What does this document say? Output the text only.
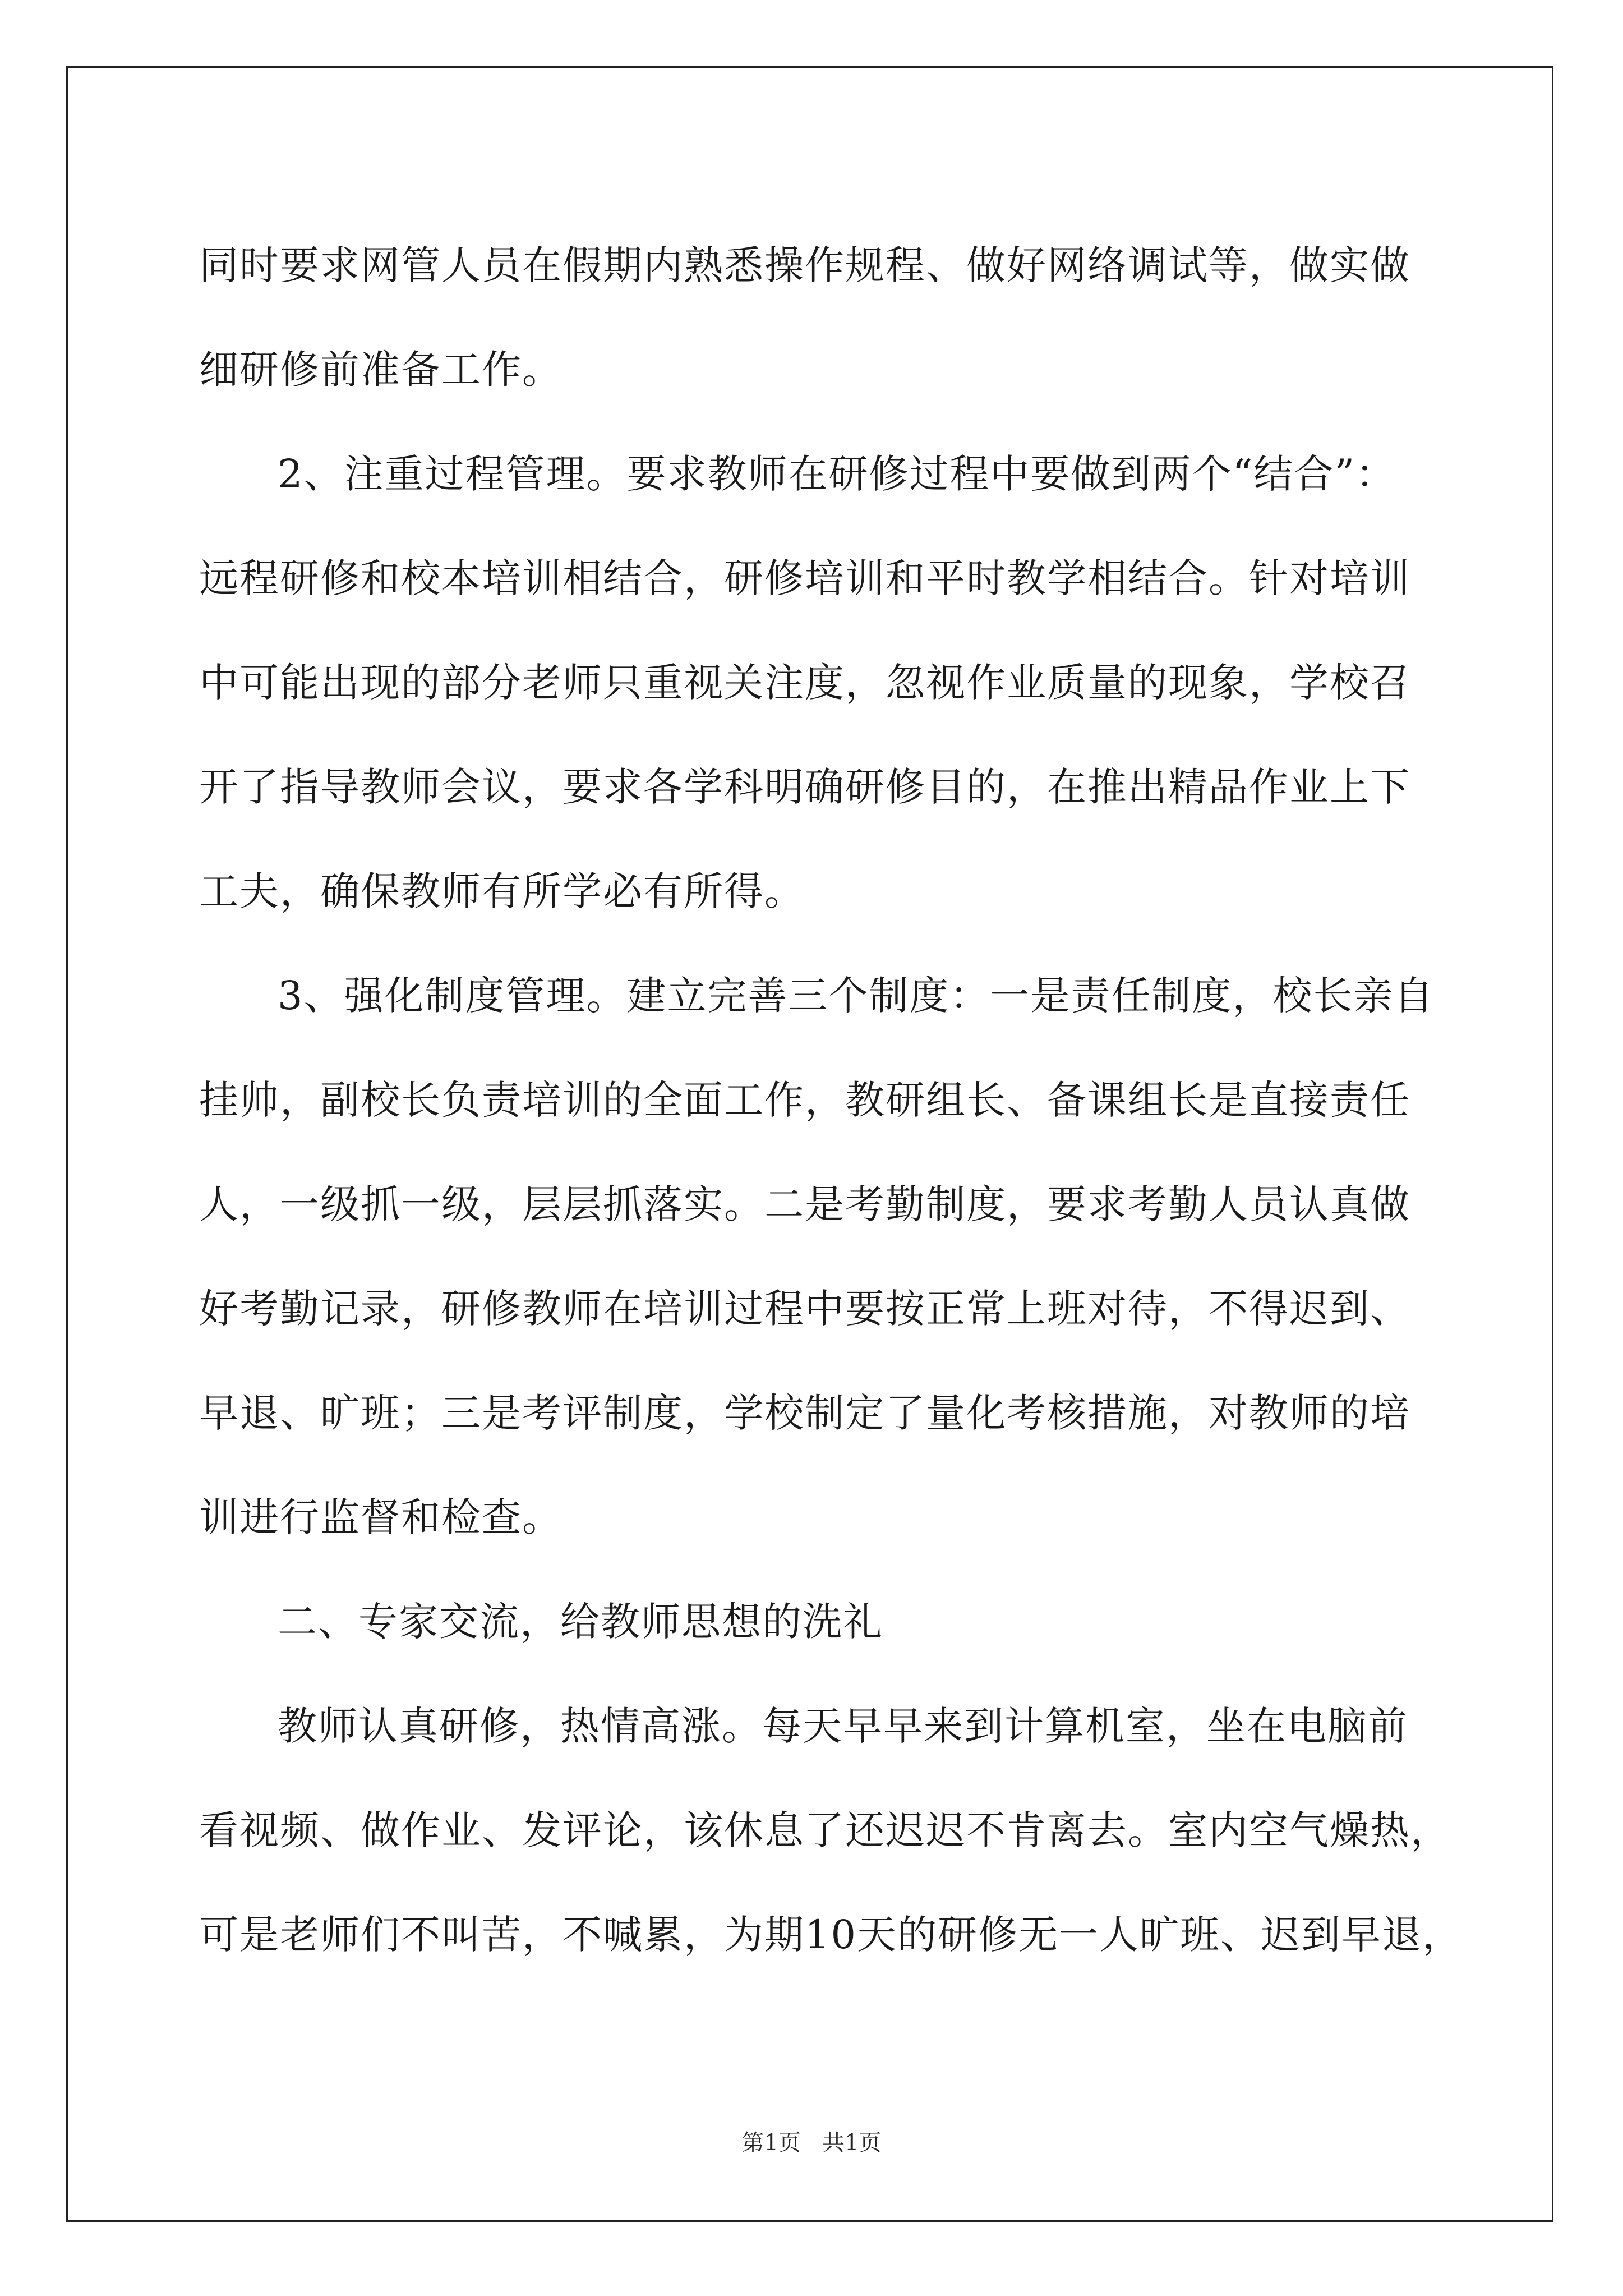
同时要求网管人员在假期内熟悉操作规程、做好网络调试等，做实做
细研修前准备工作。
2、注重过程管理。要求教师在研修过程中要做到两个“结合”：
远程研修和校本培训相结合，研修培训和平时教学相结合。针对培训
中可能出现的部分老师只重视关注度，忽视作业质量的现象，学校召
开了指导教师会议，要求各学科明确研修目的，在推出精品作业上下
工夫，确保教师有所学必有所得。
3、强化制度管理。建立完善三个制度：一是责任制度，校长亲自
挂帅，副校长负责培训的全面工作，教研组长、备课组长是直接责任
人，一级抓一级，层层抓落实。二是考勤制度，要求考勤人员认真做
好考勤记录，研修教师在培训过程中要按正常上班对待，不得迟到、
早退、旷班；三是考评制度，学校制定了量化考核措施，对教师的培
训进行监督和检查。
二、专家交流，给教师思想的洗礼
教师认真研修，热情高涨。每天早早来到计算机室，坐在电脑前
看视频、做作业、发评论，该休息了还迟迟不肯离去。室内空气燥热，
可是老师们不叫苦，不喊累，为期10天的研修无一人旷班、迟到早退，
第1页   共1页
